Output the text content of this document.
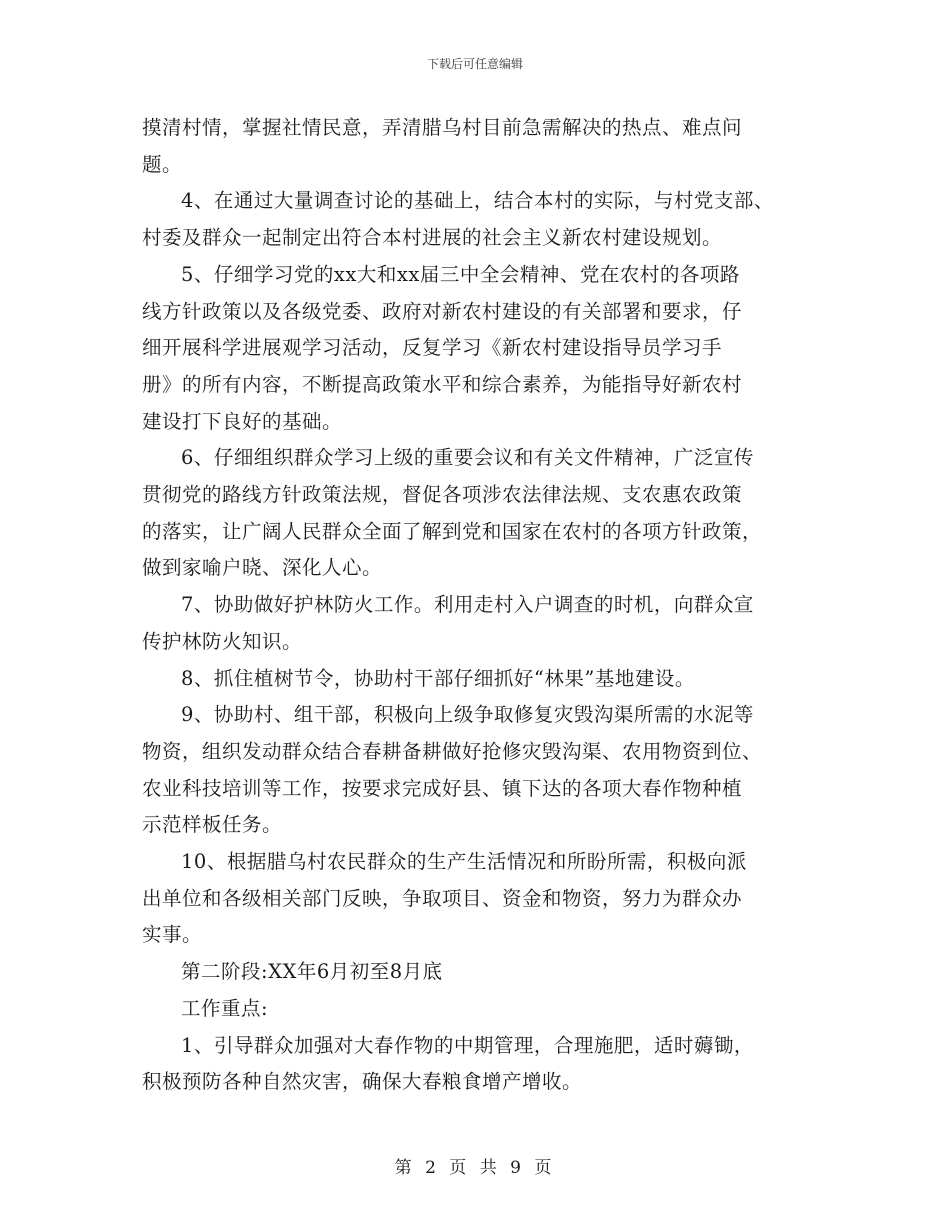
下载后可任意编辑

摸清村情，掌握社情民意，弄清腊乌村目前急需解决的热点、难点问
题。

4、在通过大量调查讨论的基础上，结合本村的实际，与村党支部、
村委及群众一起制定出符合本村进展的社会主义新农村建设规划。

5、仔细学习党的xx大和xx届三中全会精神、党在农村的各项路
线方针政策以及各级党委、政府对新农村建设的有关部署和要求，仔
细开展科学进展观学习活动，反复学习《新农村建设指导员学习手
册》的所有内容，不断提高政策水平和综合素养，为能指导好新农村
建设打下良好的基础。

6、仔细组织群众学习上级的重要会议和有关文件精神，广泛宣传
贯彻党的路线方针政策法规，督促各项涉农法律法规、支农惠农政策
的落实，让广阔人民群众全面了解到党和国家在农村的各项方针政策，
做到家喻户晓、深化人心。

7、协助做好护林防火工作。利用走村入户调查的时机，向群众宣
传护林防火知识。

8、抓住植树节令，协助村干部仔细抓好“林果”基地建设。

9、协助村、组干部，积极向上级争取修复灾毁沟渠所需的水泥等
物资，组织发动群众结合春耕备耕做好抢修灾毁沟渠、农用物资到位、
农业科技培训等工作，按要求完成好县、镇下达的各项大春作物种植
示范样板任务。

10、根据腊乌村农民群众的生产生活情况和所盼所需，积极向派
出单位和各级相关部门反映，争取项目、资金和物资，努力为群众办
实事。

第二阶段:XX年6月初至8月底

工作重点:

1、引导群众加强对大春作物的中期管理，合理施肥，适时薅锄，
积极预防各种自然灾害，确保大春粮食增产增收。

第 2 页 共 9 页
